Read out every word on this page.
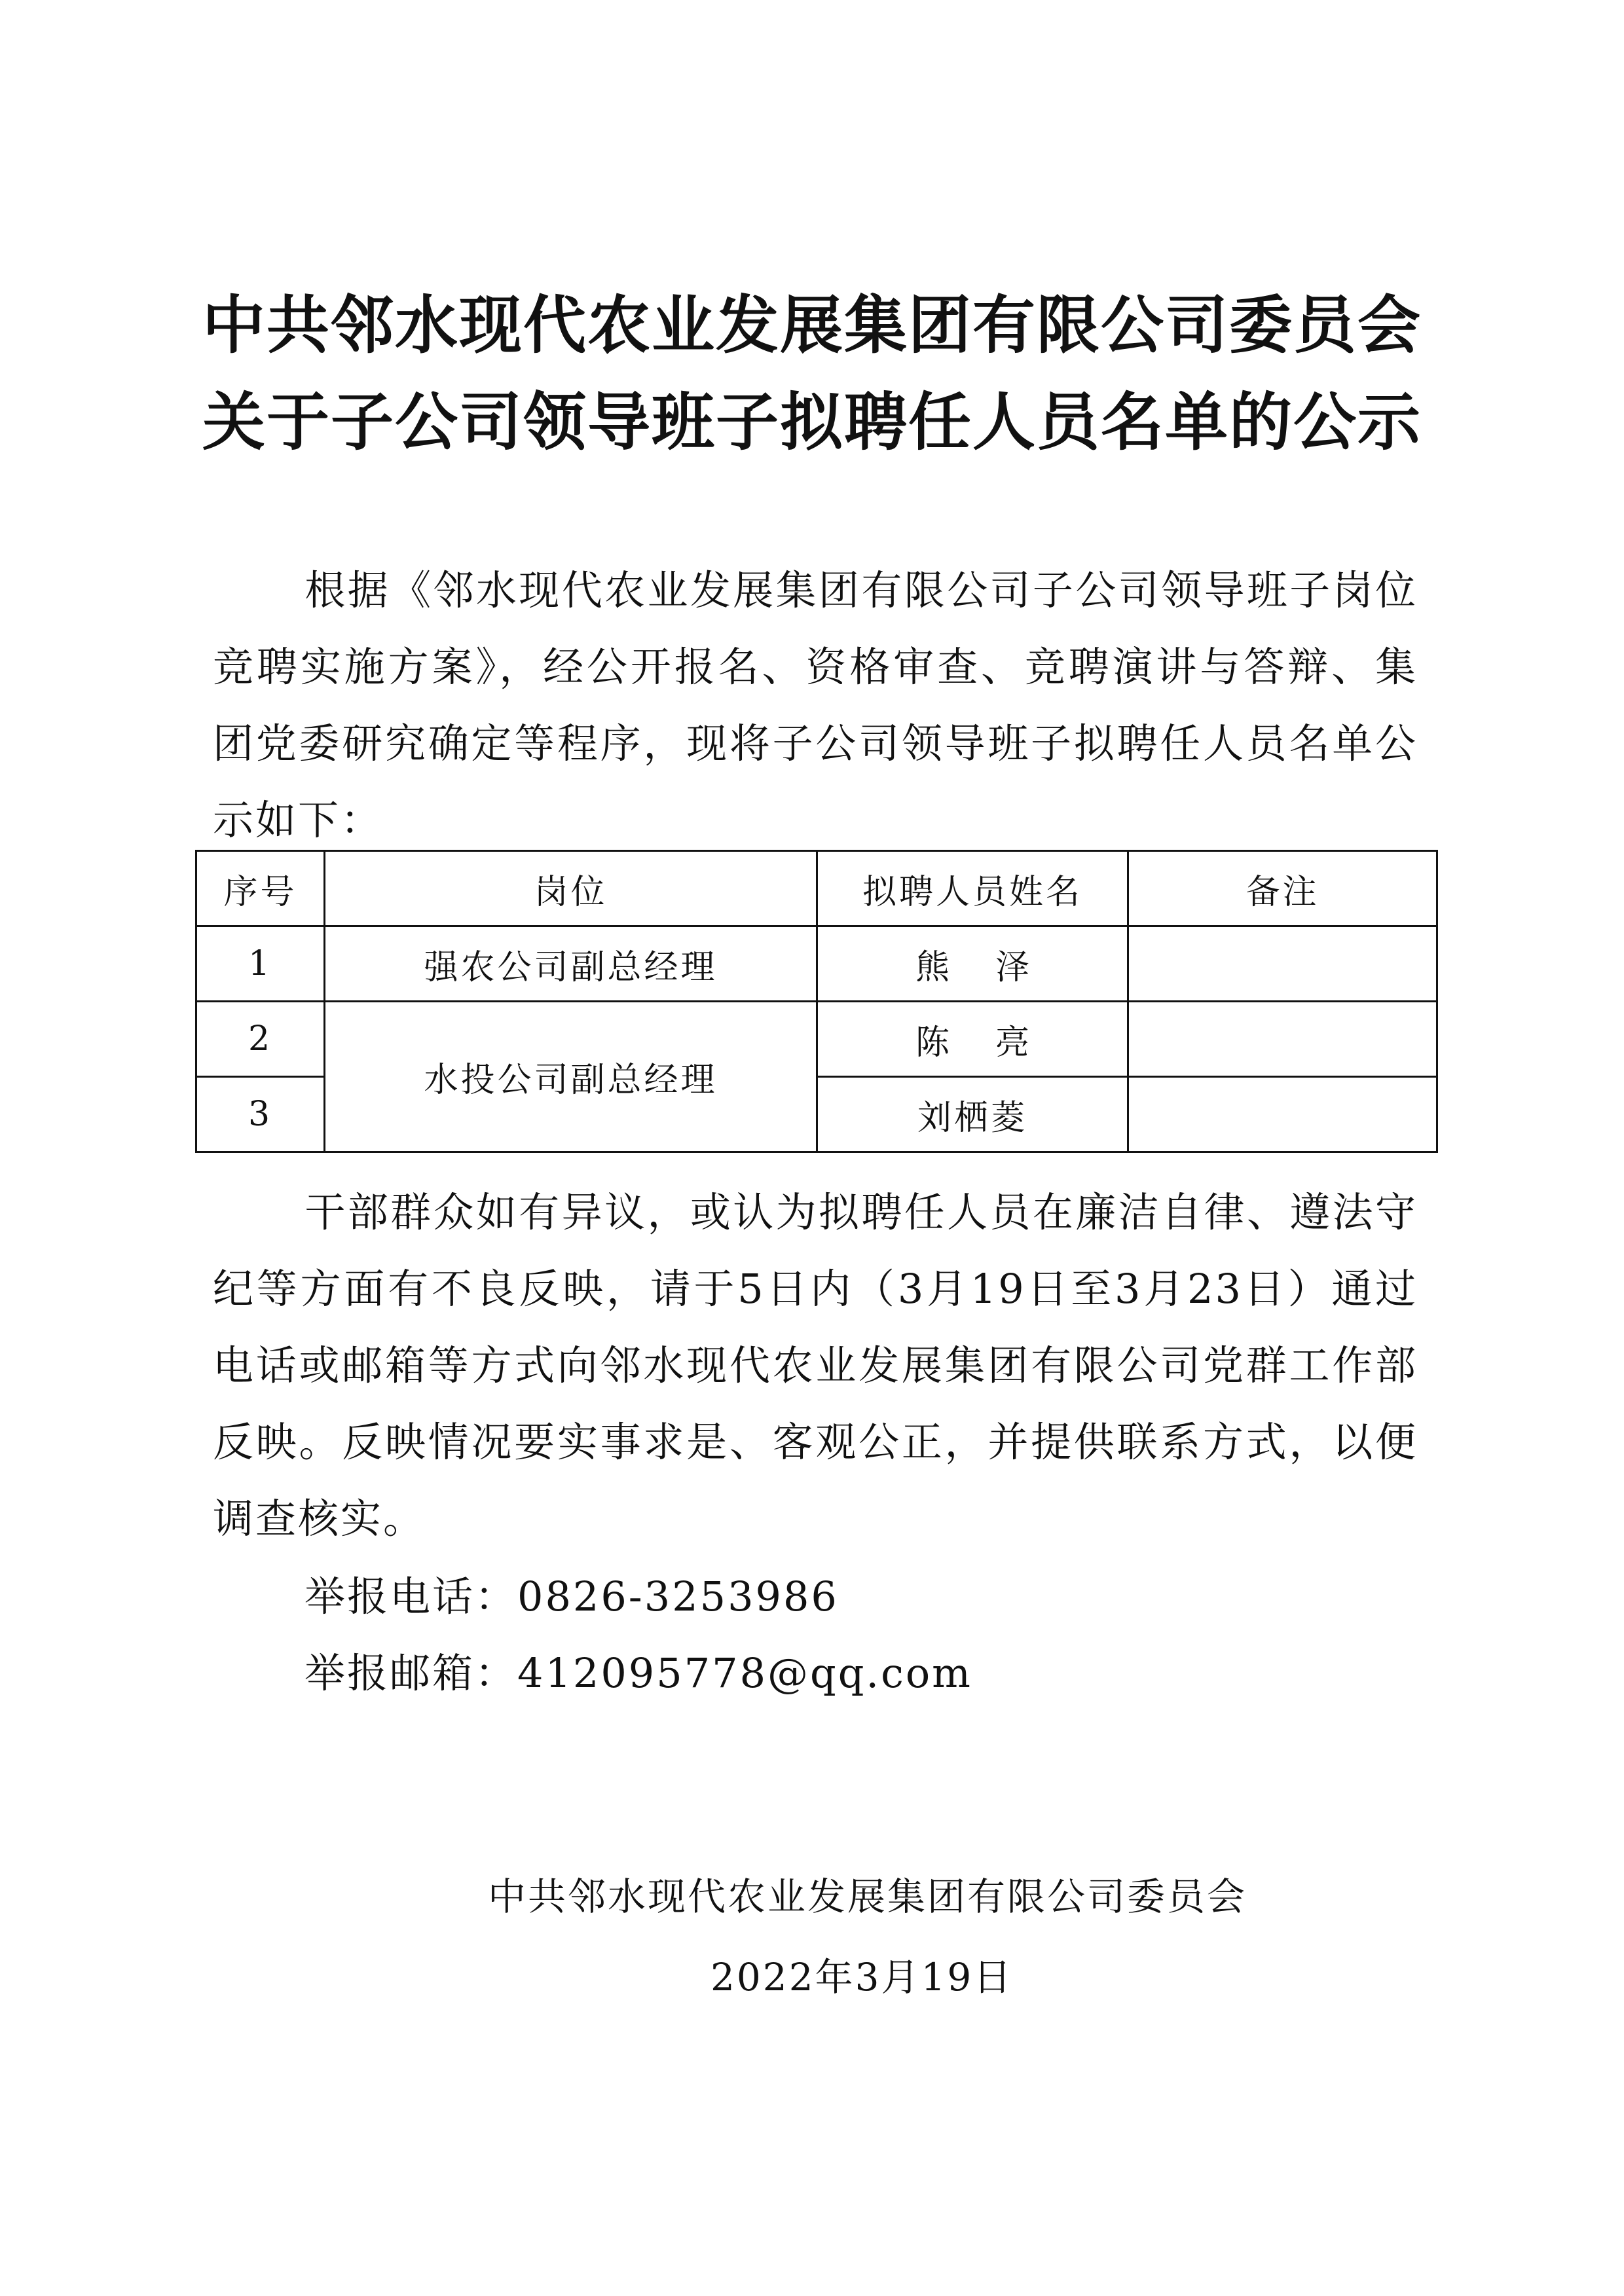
中共邻水现代农业发展集团有限公司委员会
关于子公司领导班子拟聘任人员名单的公示

根据《邻水现代农业发展集团有限公司子公司领导班子岗位竞聘实施方案》，经公开报名、资格审查、竞聘演讲与答辩、集团党委研究确定等程序，现将子公司领导班子拟聘任人员名单公示如下：

序号	岗位	拟聘人员姓名	备注
1	强农公司副总经理	熊泽	
2	水投公司副总经理	陈亮	
3		刘栖菱	

干部群众如有异议，或认为拟聘任人员在廉洁自律、遵法守纪等方面有不良反映，请于5日内（3月19日至3月23日）通过电话或邮箱等方式向邻水现代农业发展集团有限公司党群工作部反映。反映情况要实事求是、客观公正，并提供联系方式，以便调查核实。

举报电话：0826-3253986
举报邮箱：412095778@qq.com
中共邻水现代农业发展集团有限公司委员会
2022年3月19日
